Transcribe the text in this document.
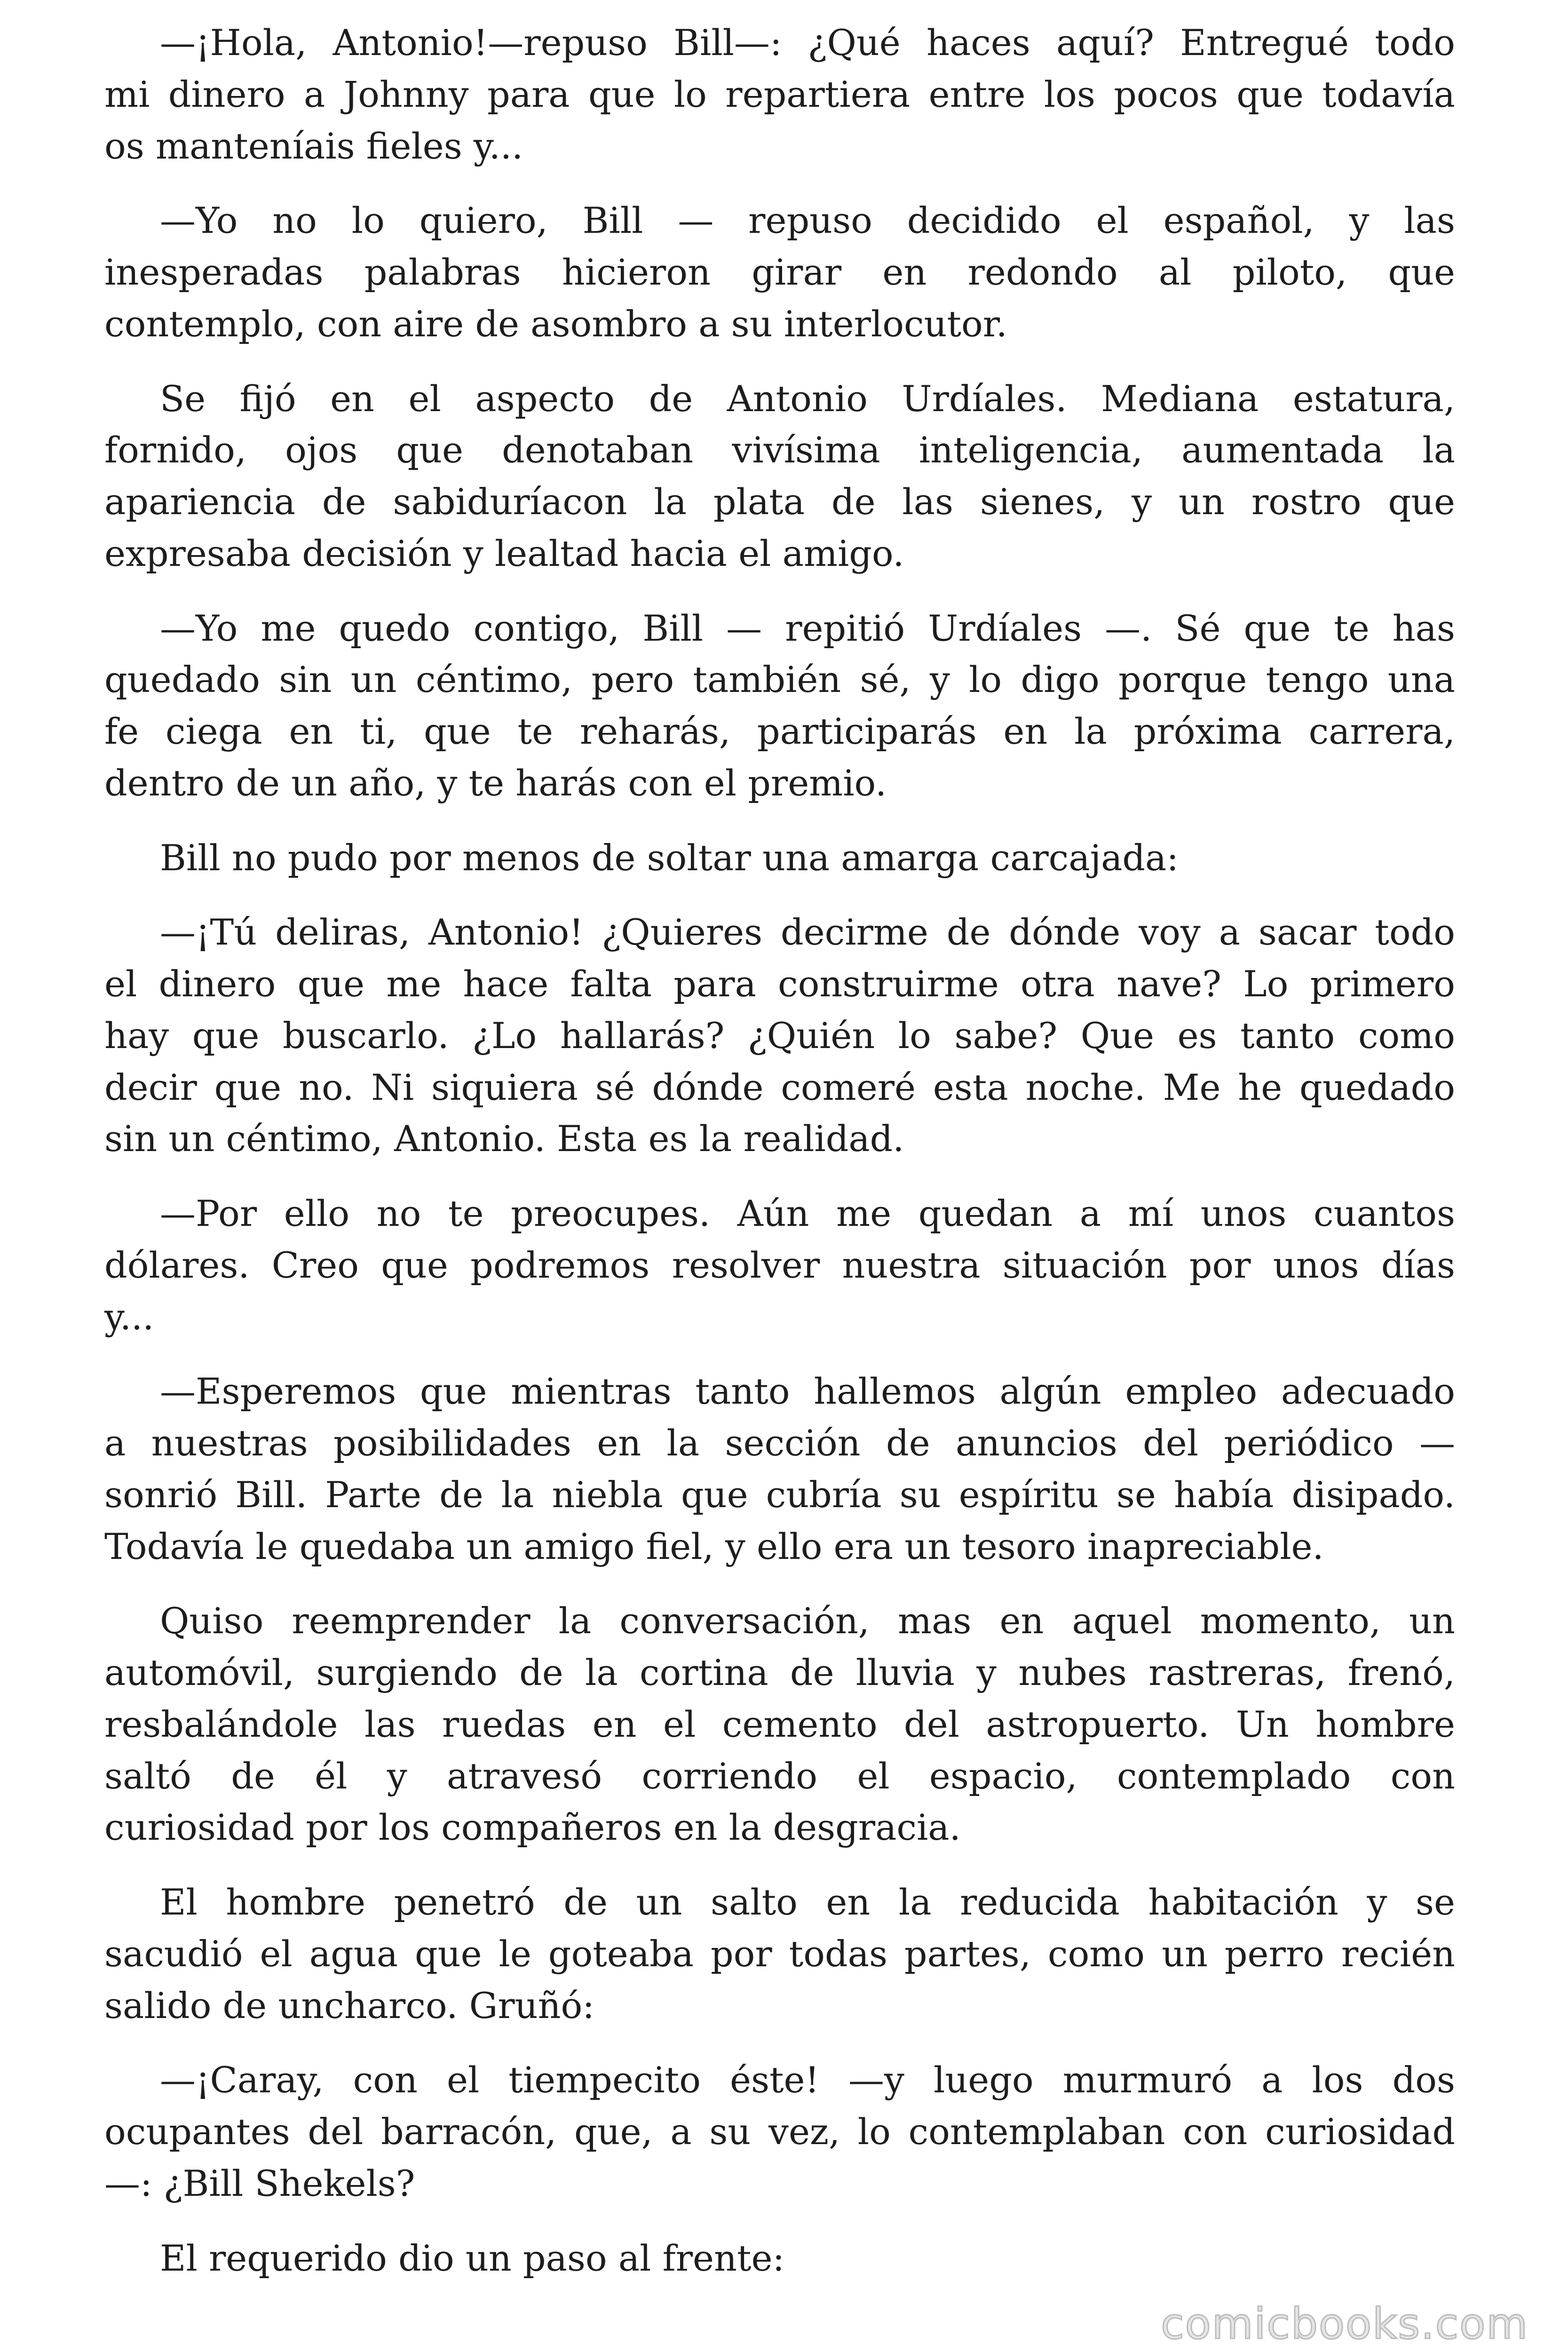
—¡Hola, Antonio!—repuso Bill—: ¿Qué haces aquí? Entregué todo
mi dinero a Johnny para que lo repartiera entre los pocos que todavía
os manteníais fieles y...
—Yo no lo quiero, Bill — repuso decidido el español, y las
inesperadas palabras hicieron girar en redondo al piloto, que
contemplo, con aire de asombro a su interlocutor.
Se fijó en el aspecto de Antonio Urdíales. Mediana estatura,
fornido, ojos que denotaban vivísima inteligencia, aumentada la
apariencia de sabiduríacon la plata de las sienes, y un rostro que
expresaba decisión y lealtad hacia el amigo.
—Yo me quedo contigo, Bill — repitió Urdíales —. Sé que te has
quedado sin un céntimo, pero también sé, y lo digo porque tengo una
fe ciega en ti, que te reharás, participarás en la próxima carrera,
dentro de un año, y te harás con el premio.
Bill no pudo por menos de soltar una amarga carcajada:
—¡Tú deliras, Antonio! ¿Quieres decirme de dónde voy a sacar todo
el dinero que me hace falta para construirme otra nave? Lo primero
hay que buscarlo. ¿Lo hallarás? ¿Quién lo sabe? Que es tanto como
decir que no. Ni siquiera sé dónde comeré esta noche. Me he quedado
sin un céntimo, Antonio. Esta es la realidad.
—Por ello no te preocupes. Aún me quedan a mí unos cuantos
dólares. Creo que podremos resolver nuestra situación por unos días
y...
—Esperemos que mientras tanto hallemos algún empleo adecuado
a nuestras posibilidades en la sección de anuncios del periódico —
sonrió Bill. Parte de la niebla que cubría su espíritu se había disipado.
Todavía le quedaba un amigo fiel, y ello era un tesoro inapreciable.
Quiso reemprender la conversación, mas en aquel momento, un
automóvil, surgiendo de la cortina de lluvia y nubes rastreras, frenó,
resbalándole las ruedas en el cemento del astropuerto. Un hombre
saltó de él y atravesó corriendo el espacio, contemplado con
curiosidad por los compañeros en la desgracia.
El hombre penetró de un salto en la reducida habitación y se
sacudió el agua que le goteaba por todas partes, como un perro recién
salido de uncharco. Gruñó:
—¡Caray, con el tiempecito éste! —y luego murmuró a los dos
ocupantes del barracón, que, a su vez, lo contemplaban con curiosidad
—: ¿Bill Shekels?
El requerido dio un paso al frente:
comicbooks.com
